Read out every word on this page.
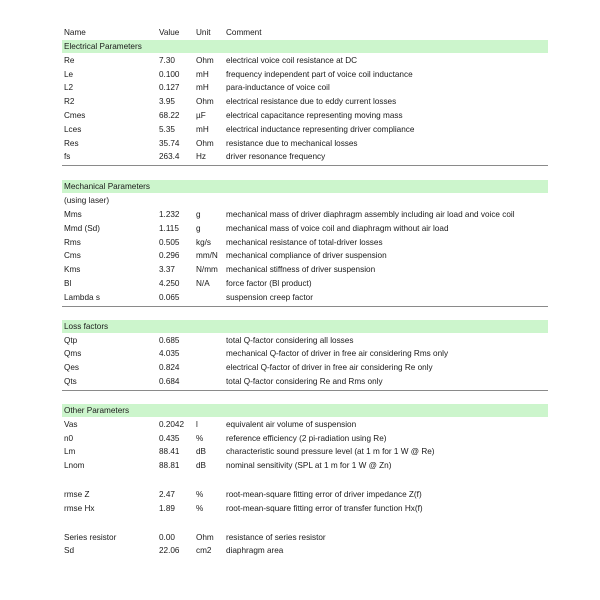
Name	Value Unit Comment
Electrical Parameters
Re	7.30	Ohm electrical voice coil resistance at DC
Le	0.100 mH frequency independent part of voice coil inductance
L2	0.127 mH para-inductance of voice coil
R2	3.95	Ohm electrical resistance due to eddy current losses
Cmes	68.22 µF electrical capacitance representing moving mass
Lces	5.35	mH electrical inductance representing driver compliance
Res	35.74 Ohm resistance due to mechanical losses
fs	263.4 Hz driver resonance frequency
Mechanical Parameters
(using laser)
Mms	1.232 g	mechanical mass of driver diaphragm assembly including air load and voice coil
Mmd (Sd)	1.115 g	mechanical mass of voice coil and diaphragm without air load
Rms	0.505 kg/s mechanical resistance of total-driver losses
Cms	0.296 mm/N mechanical compliance of driver suspension
Kms	3.37	N/mm mechanical stiffness of driver suspension
Bl	4.250 N/A force factor (Bl product)
Lambda s	0.065	suspension creep factor
Loss factors
Qtp	0.685	total Q-factor considering all losses
Qms	4.035	mechanical Q-factor of driver in free air considering Rms only
Qes	0.824	electrical Q-factor of driver in free air considering Re only
Qts	0.684	total Q-factor considering Re and Rms only
Other Parameters
Vas	0.2042 l	equivalent air volume of suspension
n0	0.435 %	reference efficiency (2 pi-radiation using Re)
Lm	88.41 dB characteristic sound pressure level (at 1 m for 1 W @ Re)
Lnom	88.81 dB nominal sensitivity (SPL at 1 m for 1 W @ Zn)
rmse Z	2.47	%	root-mean-square fitting error of driver impedance Z(f)
rmse Hx	1.89	%	root-mean-square fitting error of transfer function Hx(f)
Series resistor	0.00	Ohm resistance of series resistor
Sd	22.06 cm2 diaphragm area
